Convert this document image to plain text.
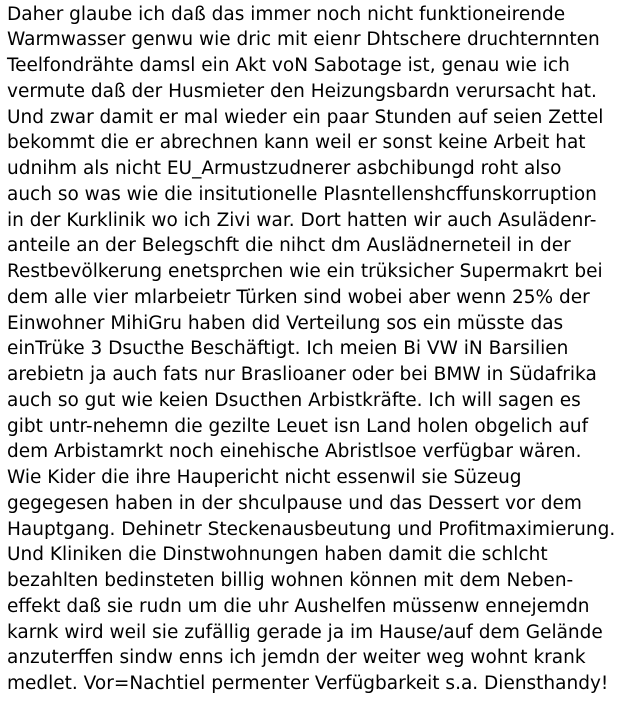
Daher glaube ich daß das immer noch nicht funktioneirende
Warmwasser genwu wie dric mit eienr Dhtschere druchternnten
Teelfondrähte damsl ein Akt voN Sabotage ist, genau wie ich
vermute daß der Husmieter den Heizungsbardn verursacht hat.
Und zwar damit er mal wieder ein paar Stunden auf seien Zettel
bekommt die er abrechnen kann weil er sonst keine Arbeit hat
udnihm als nicht EU_Armustzudnerer asbchibungd roht also
auch so was wie die insitutionelle Plasntellenshcffunskorruption
in der Kurklinik wo ich Zivi war. Dort hatten wir auch Asulädenr-
anteile an der Belegschft die nihct dm Auslädnerneteil in der
Restbevölkerung enetsprchen wie ein trüksicher Supermakrt bei
dem alle vier mlarbeietr Türken sind wobei aber wenn 25% der
Einwohner MihiGru haben did Verteilung sos ein müsste das
einTrüke 3 Dsucthe Beschäftigt. Ich meien Bi VW iN Barsilien
arebietn ja auch fats nur Braslioaner oder bei BMW in Südafrika
auch so gut wie keien Dsucthen Arbistkräfte. Ich will sagen es
gibt untr-nehemn die gezilte Leuet isn Land holen obgelich auf
dem Arbistamrkt noch einehische Abristlsoe verfügbar wären.
Wie Kider die ihre Haupericht nicht essenwil sie Süzeug
gegegesen haben in der shculpause und das Dessert vor dem
Hauptgang. Dehinetr Steckenausbeutung und Profitmaximierung.
Und Kliniken die Dinstwohnungen haben damit die schlcht
bezahlten bedinsteten billig wohnen können mit dem Neben-
effekt daß sie rudn um die uhr Aushelfen müssenw ennejemdn
karnk wird weil sie zufällig gerade ja im Hause/auf dem Gelände
anzuterffen sindw enns ich jemdn der weiter weg wohnt krank
medlet. Vor=Nachtiel permenter Verfügbarkeit s.a. Diensthandy!
